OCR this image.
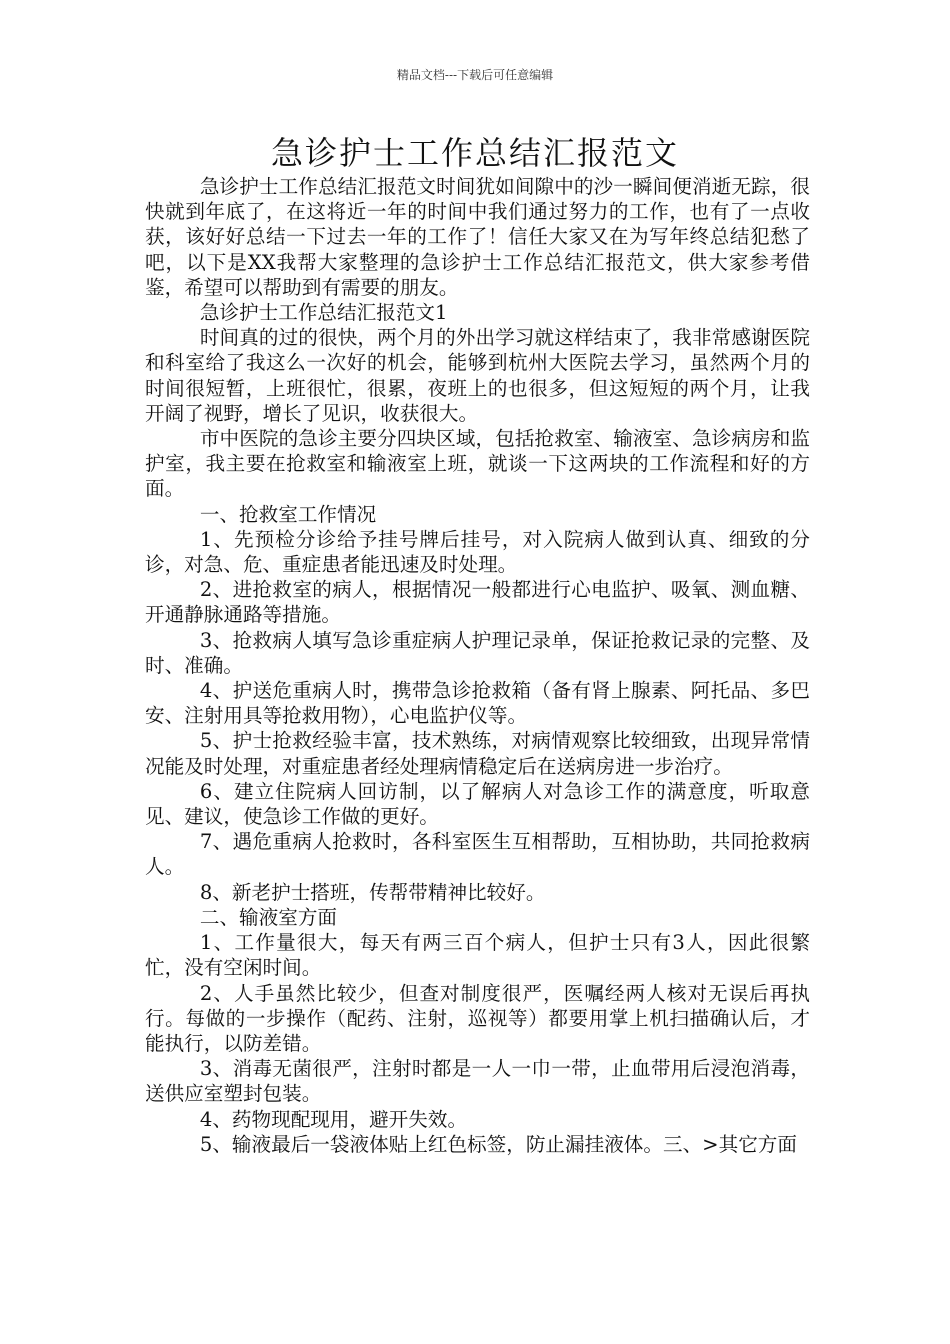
精品文档---下载后可任意编辑
急诊护士工作总结汇报范文

急诊护士工作总结汇报范文时间犹如间隙中的沙一瞬间便消逝无踪，很快就到年底了，在这将近一年的时间中我们通过努力的工作，也有了一点收获，该好好总结一下过去一年的工作了！信任大家又在为写年终总结犯愁了吧，以下是XX我帮大家整理的急诊护士工作总结汇报范文，供大家参考借鉴，希望可以帮助到有需要的朋友。

急诊护士工作总结汇报范文1

时间真的过的很快，两个月的外出学习就这样结束了，我非常感谢医院和科室给了我这么一次好的机会，能够到杭州大医院去学习，虽然两个月的时间很短暂，上班很忙，很累，夜班上的也很多，但这短短的两个月，让我开阔了视野，增长了见识，收获很大。

市中医院的急诊主要分四块区域，包括抢救室、输液室、急诊病房和监护室，我主要在抢救室和输液室上班，就谈一下这两块的工作流程和好的方面。

一、抢救室工作情况

1、先预检分诊给予挂号牌后挂号，对入院病人做到认真、细致的分诊，对急、危、重症患者能迅速及时处理。

2、进抢救室的病人，根据情况一般都进行心电监护、吸氧、测血糖、开通静脉通路等措施。

3、抢救病人填写急诊重症病人护理记录单，保证抢救记录的完整、及时、准确。

4、护送危重病人时，携带急诊抢救箱（备有肾上腺素、阿托品、多巴安、注射用具等抢救用物），心电监护仪等。

5、护士抢救经验丰富，技术熟练，对病情观察比较细致，出现异常情况能及时处理，对重症患者经处理病情稳定后在送病房进一步治疗。

6、建立住院病人回访制，以了解病人对急诊工作的满意度，听取意见、建议，使急诊工作做的更好。

7、遇危重病人抢救时，各科室医生互相帮助，互相协助，共同抢救病人。

8、新老护士搭班，传帮带精神比较好。

二、输液室方面

1、工作量很大，每天有两三百个病人，但护士只有3人，因此很繁忙，没有空闲时间。

2、人手虽然比较少，但查对制度很严，医嘱经两人核对无误后再执行。每做的一步操作（配药、注射，巡视等）都要用掌上机扫描确认后，才能执行，以防差错。

3、消毒无菌很严，注射时都是一人一巾一带，止血带用后浸泡消毒，送供应室塑封包装。

4、药物现配现用，避开失效。

5、输液最后一袋液体贴上红色标签，防止漏挂液体。三、>其它方面
